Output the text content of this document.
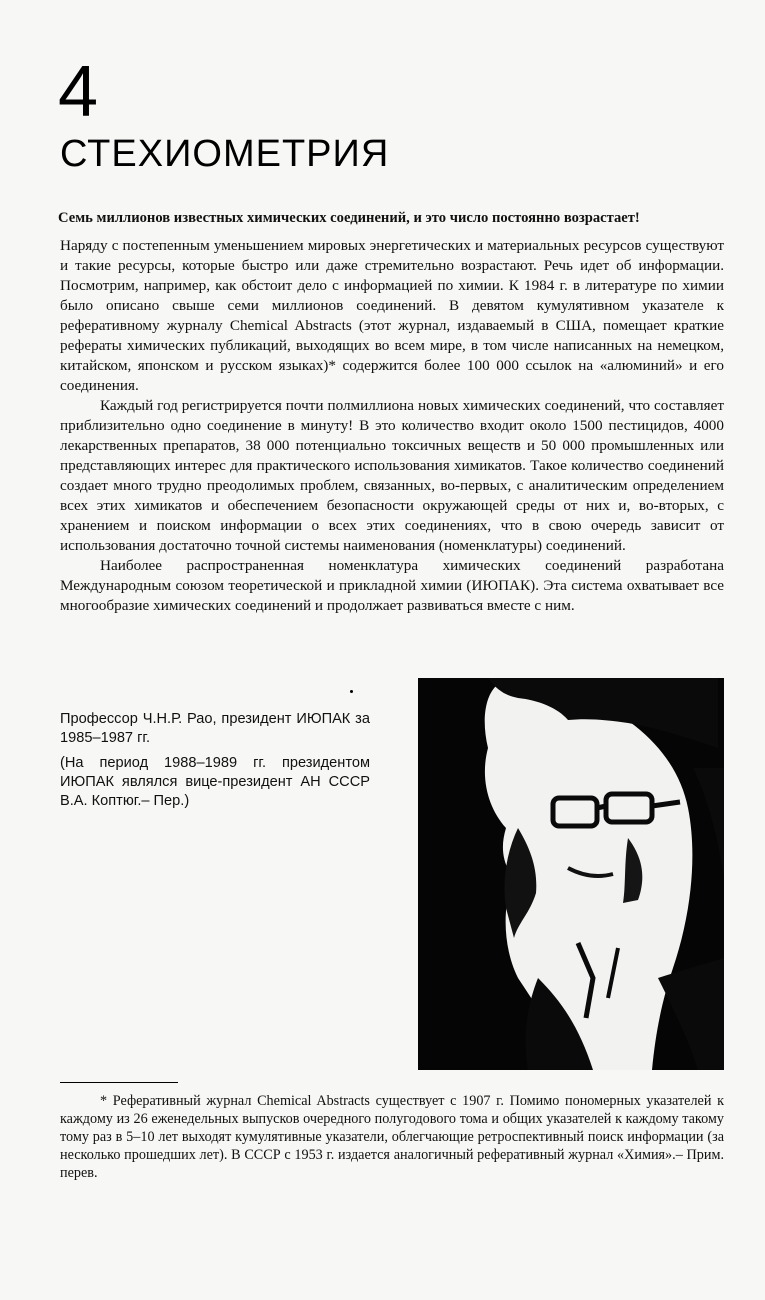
4
СТЕХИОМЕТРИЯ
Семь миллионов известных химических соединений, и это число постоянно возрастает!

Наряду с постепенным уменьшением мировых энергетических и материальных ресурсов существуют и такие ресурсы, которые быстро или даже стремительно возрастают. Речь идет об информации. Посмотрим, например, как обстоит дело с информацией по химии. К 1984 г. в литературе по химии было описано свыше семи миллионов соединений. В девятом кумулятивном указателе к реферативному журналу Chemical Abstracts (этот журнал, издаваемый в США, помещает краткие рефераты химических публикаций, выходящих во всем мире, в том числе написанных на немецком, китайском, японском и русском языках)* содержится более 100 000 ссылок на «алюминий» и его соединения.

Каждый год регистрируется почти полмиллиона новых химических соединений, что составляет приблизительно одно соединение в минуту! В это количество входит около 1500 пестицидов, 4000 лекарственных препаратов, 38 000 потенциально токсичных веществ и 50 000 промышленных или представляющих интерес для практического использования химикатов. Такое количество соединений создает много трудно преодолимых проблем, связанных, во-первых, с аналитическим определением всех этих химикатов и обеспечением безопасности окружающей среды от них и, во-вторых, с хранением и поиском информации о всех этих соединениях, что в свою очередь зависит от использования достаточно точной системы наименования (номенклатуры) соединений.

Наиболее распространенная номенклатура химических соединений разработана Международным союзом теоретической и прикладной химии (ИЮПАК). Эта система охватывает все многообразие химических соединений и продолжает развиваться вместе с ним.

Профессор Ч.Н.Р. Рао, президент ИЮПАК за 1985–1987 гг.
(На период 1988–1989 гг. президентом ИЮПАК являлся вице-президент АН СССР В.А. Коптюг.– Пер.)

* Реферативный журнал Chemical Abstracts существует с 1907 г. Помимо пономерных указателей к каждому из 26 еженедельных выпусков очередного полугодового тома и общих указателей к каждому такому тому раз в 5–10 лет выходят кумулятивные указатели, облегчающие ретроспективный поиск информации (за несколько прошедших лет). В СССР с 1953 г. издается аналогичный реферативный журнал «Химия».– Прим. перев.
